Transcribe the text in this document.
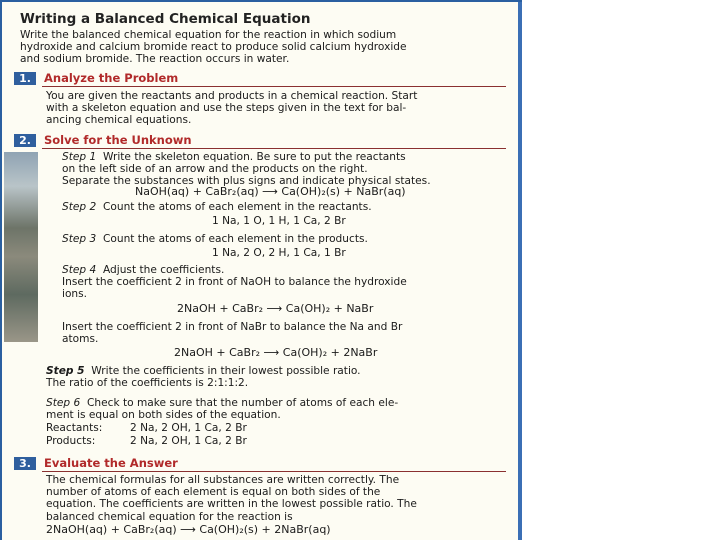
Writing a Balanced Chemical Equation
Write the balanced chemical equation for the reaction in which sodium
hydroxide and calcium bromide react to produce solid calcium hydroxide
and sodium bromide. The reaction occurs in water.
1.	Analyze the Problem
You are given the reactants and products in a chemical reaction. Start
with a skeleton equation and use the steps given in the text for bal-
ancing chemical equations.
2.	Solve for the Unknown
Step 1 Write the skeleton equation. Be sure to put the reactants
on the left side of an arrow and the products on the right.
Separate the substances with plus signs and indicate physical states.
NaOH(aq) + CaBr₂(aq) ⟶ Ca(OH)₂(s) + NaBr(aq)
Step 2 Count the atoms of each element in the reactants.
1 Na, 1 O, 1 H, 1 Ca, 2 Br
Step 3 Count the atoms of each element in the products.
1 Na, 2 O, 2 H, 1 Ca, 1 Br
Step 4 Adjust the coefficients.
Insert the coefficient 2 in front of NaOH to balance the hydroxide
ions.
2NaOH + CaBr₂ ⟶ Ca(OH)₂ + NaBr
Insert the coefficient 2 in front of NaBr to balance the Na and Br
atoms.
2NaOH + CaBr₂ ⟶ Ca(OH)₂ + 2NaBr
Step 5 Write the coefficients in their lowest possible ratio.
The ratio of the coefficients is 2:1:1:2.
Step 6 Check to make sure that the number of atoms of each ele-
ment is equal on both sides of the equation.
Reactants:	2 Na, 2 OH, 1 Ca, 2 Br
Products:	2 Na, 2 OH, 1 Ca, 2 Br
3.	Evaluate the Answer
The chemical formulas for all substances are written correctly. The
number of atoms of each element is equal on both sides of the
equation. The coefficients are written in the lowest possible ratio. The
balanced chemical equation for the reaction is
2NaOH(aq) + CaBr₂(aq) ⟶ Ca(OH)₂(s) + 2NaBr(aq)
